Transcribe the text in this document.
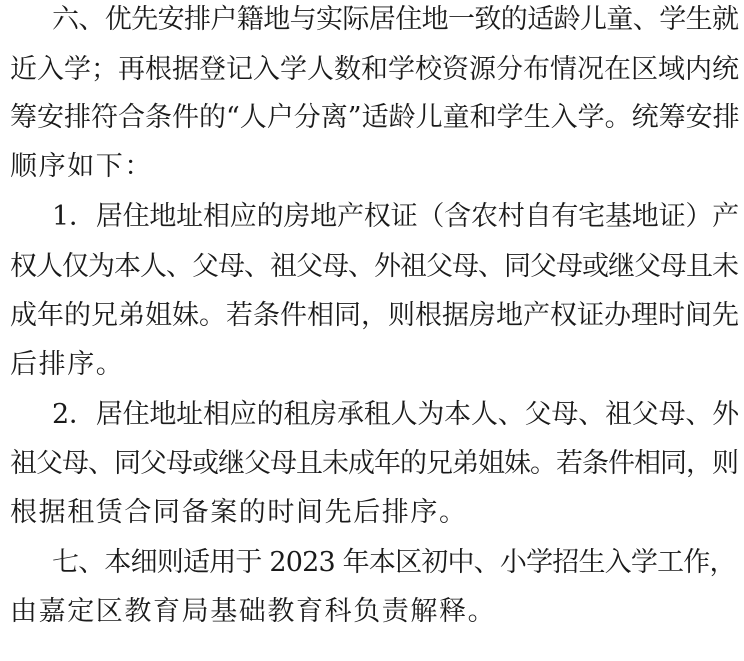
六、优先安排户籍地与实际居住地一致的适龄儿童、学生就
近入学；再根据登记入学人数和学校资源分布情况在区域内统
筹安排符合条件的“人户分离”适龄儿童和学生入学。统筹安排
顺序如下：
1．居住地址相应的房地产权证（含农村自有宅基地证）产
权人仅为本人、父母、祖父母、外祖父母、同父母或继父母且未
成年的兄弟姐妹。若条件相同，则根据房地产权证办理时间先
后排序。
2．居住地址相应的租房承租人为本人、父母、祖父母、外
祖父母、同父母或继父母且未成年的兄弟姐妹。若条件相同，则
根据租赁合同备案的时间先后排序。
七、本细则适用于 2023 年本区初中、小学招生入学工作，
由嘉定区教育局基础教育科负责解释。
